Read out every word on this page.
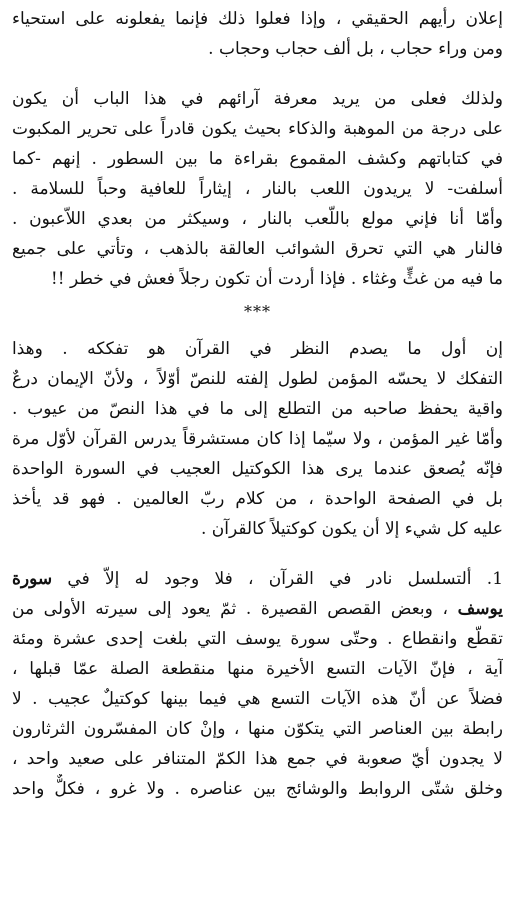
إعلان رأيهم الحقيقي ، وإذا فعلوا ذلك فإنما يفعلونه على استحياء
ومن وراء حجاب ، بل ألف حجاب وحجاب .
ولذلك فعلى من يريد معرفة آرائهم في هذا الباب أن يكون
على درجة من الموهبة والذكاء بحيث يكون قادراً على تحرير المكبوت
في كتاباتهم وكشف المقموع بقراءة ما بين السطور . إنهم -كما
أسلفت- لا يريدون اللعب بالنار ، إيثاراً للعافية وحباً للسلامة .
وأمّا أنا فإني مولع باللّعب بالنار ، وسيكثر من بعدي اللاّعبون .
فالنار هي التي تحرق الشوائب العالقة بالذهب ، وتأتي على جميع
ما فيه من غثٍّ وغثاء . فإذا أردت أن تكون رجلاً فعش في خطر !!
***
إن أول ما يصدم النظر في القرآن هو تفككه . وهذا
التفكك لا يحسّه المؤمن لطول إلفته للنصّ أوّلاً ، ولأنّ الإيمان درعٌ
واقية يحفظ صاحبه من التطلع إلى ما في هذا النصّ من عيوب .
وأمّا غير المؤمن ، ولا سيّما إذا كان مستشرقاً يدرس القرآن لأوّل مرة
فإنّه يُصعق عندما يرى هذا الكوكتيل العجيب في السورة الواحدة
بل في الصفحة الواحدة ، من كلام ربّ العالمين . فهو قد يأخذ
عليه كل شيء إلا أن يكون كوكتيلاً كالقرآن .
1. ألتسلسل نادر في القرآن ، فلا وجود له إلاّ في سورة
يوسف ، وبعض القصص القصيرة . ثمّ يعود إلى سيرته الأولى من
تقطّع وانقطاع . وحتّى سورة يوسف التي بلغت إحدى عشرة ومئة
آية ، فإنّ الآيات التسع الأخيرة منها منقطعة الصلة عمّا قبلها ،
فضلاً عن أنّ هذه الآيات التسع هي فيما بينها كوكتيلٌ عجيب . لا
رابطة بين العناصر التي يتكوّن منها ، وإنْ كان المفسّرون الثرثارون
لا يجدون أيّ صعوبة في جمع هذا الكمّ المتنافر على صعيد واحد ،
وخلق شتّى الروابط والوشائج بين عناصره . ولا غرو ، فكلٌّ واحد
